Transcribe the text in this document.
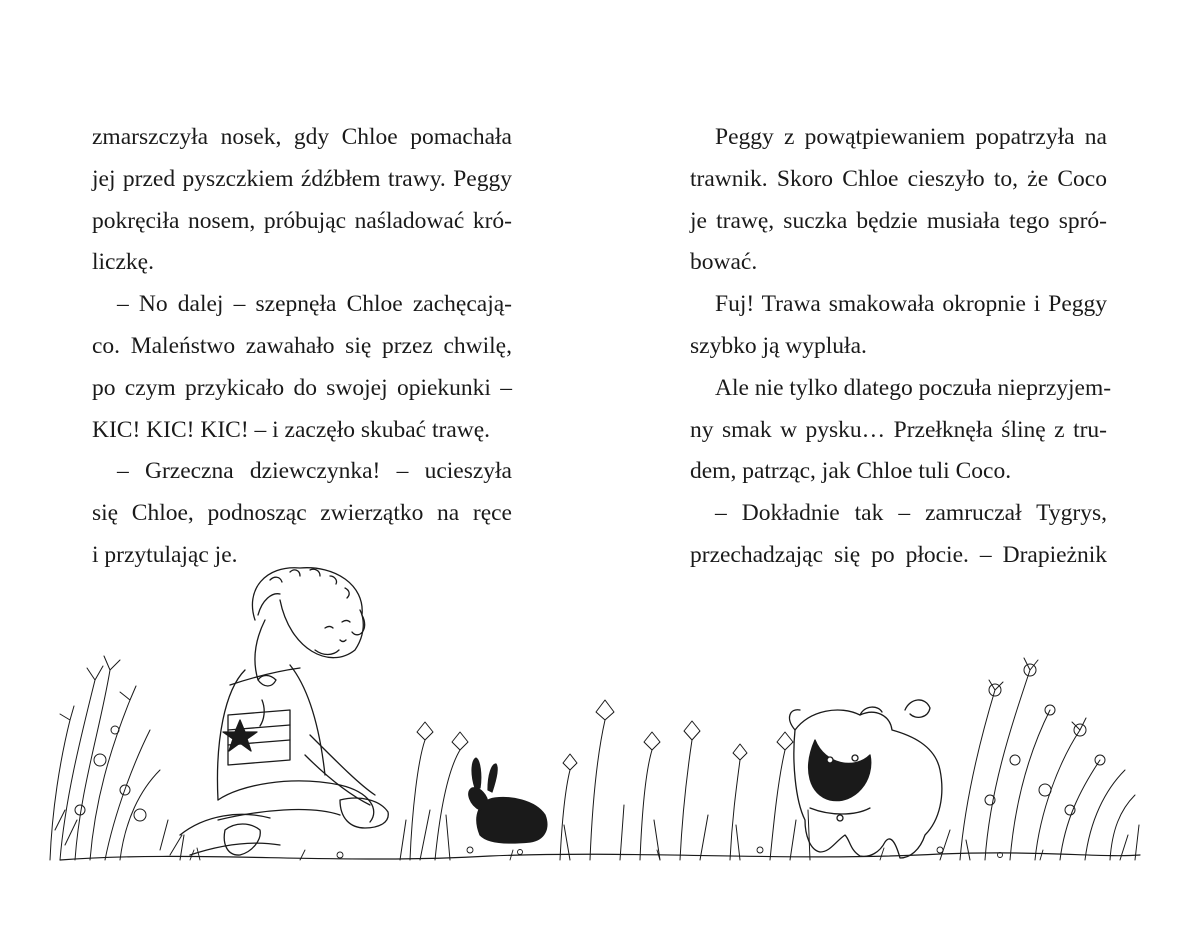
zmarszczyła nosek, gdy Chloe pomachała
jej przed pyszczkiem źdźbłem trawy. Peggy
pokręciła nosem, próbując naśladować kró-
liczkę.
– No dalej – szepnęła Chloe zachęcają-
co. Maleństwo zawahało się przez chwilę,
po czym przykicało do swojej opiekunki –
KIC! KIC! KIC! – i zaczęło skubać trawę.
– Grzeczna dziewczynka! – ucieszyła
się Chloe, podnosząc zwierzątko na ręce
i przytulając je.
Peggy z powątpiewaniem popatrzyła na
trawnik. Skoro Chloe cieszyło to, że Coco
je trawę, suczka będzie musiała tego spró-
bować.
Fuj! Trawa smakowała okropnie i Peggy
szybko ją wypluła.
Ale nie tylko dlatego poczuła nieprzyjem-
ny smak w pysku… Przełknęła ślinę z tru-
dem, patrząc, jak Chloe tuli Coco.
– Dokładnie tak – zamruczał Tygrys,
przechadzając się po płocie. – Drapieżnik
